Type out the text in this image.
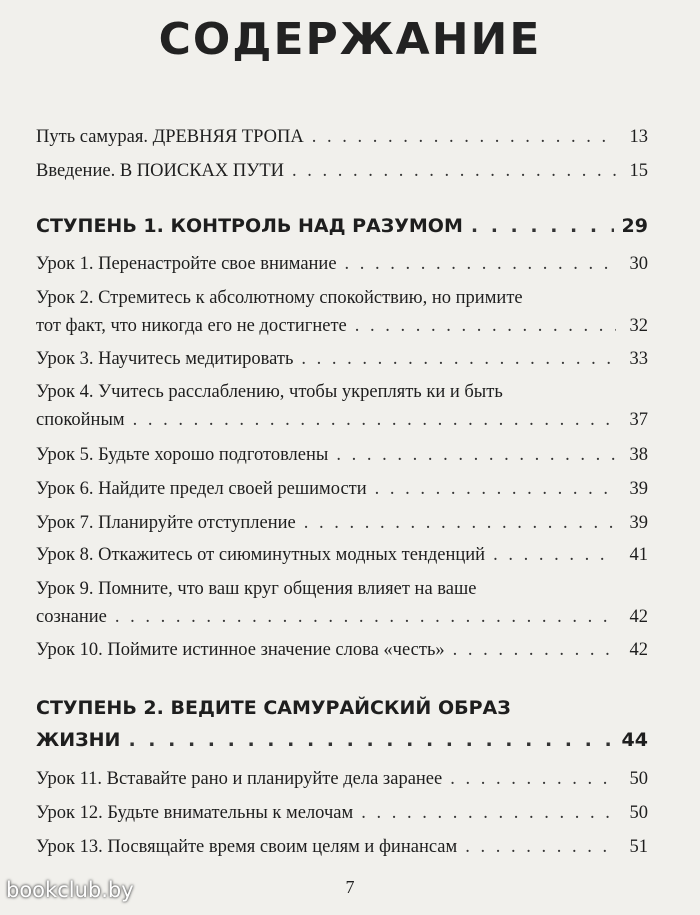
СОДЕРЖАНИЕ
Путь самурая. ДРЕВНЯЯ ТРОПА . . .	13
Введение. В ПОИСКАХ ПУТИ . . .	15
СТУПЕНЬ 1. КОНТРОЛЬ НАД РАЗУМОМ . . .	29
Урок 1. Перенастройте свое внимание . . .	30
Урок 2. Стремитесь к абсолютному спокойствию, но примите
тот факт, что никогда его не достигнете . . .	32
Урок 3. Научитесь медитировать . . .	33
Урок 4. Учитесь расслаблению, чтобы укреплять ки и быть
спокойным . . .	37
Урок 5. Будьте хорошо подготовлены . . .	38
Урок 6. Найдите предел своей решимости . . .	39
Урок 7. Планируйте отступление . . .	39
Урок 8. Откажитесь от сиюминутных модных тенденций . . .	41
Урок 9. Помните, что ваш круг общения влияет на ваше
сознание . . .	42
Урок 10. Поймите истинное значение слова «честь» . . .	42
СТУПЕНЬ 2. ВЕДИТЕ САМУРАЙСКИЙ ОБРАЗ
ЖИЗНИ . . .	44
Урок 11. Вставайте рано и планируйте дела заранее . . .	50
Урок 12. Будьте внимательны к мелочам . . .	50
Урок 13. Посвящайте время своим целям и финансам . . .	51
7
bookclub.by
